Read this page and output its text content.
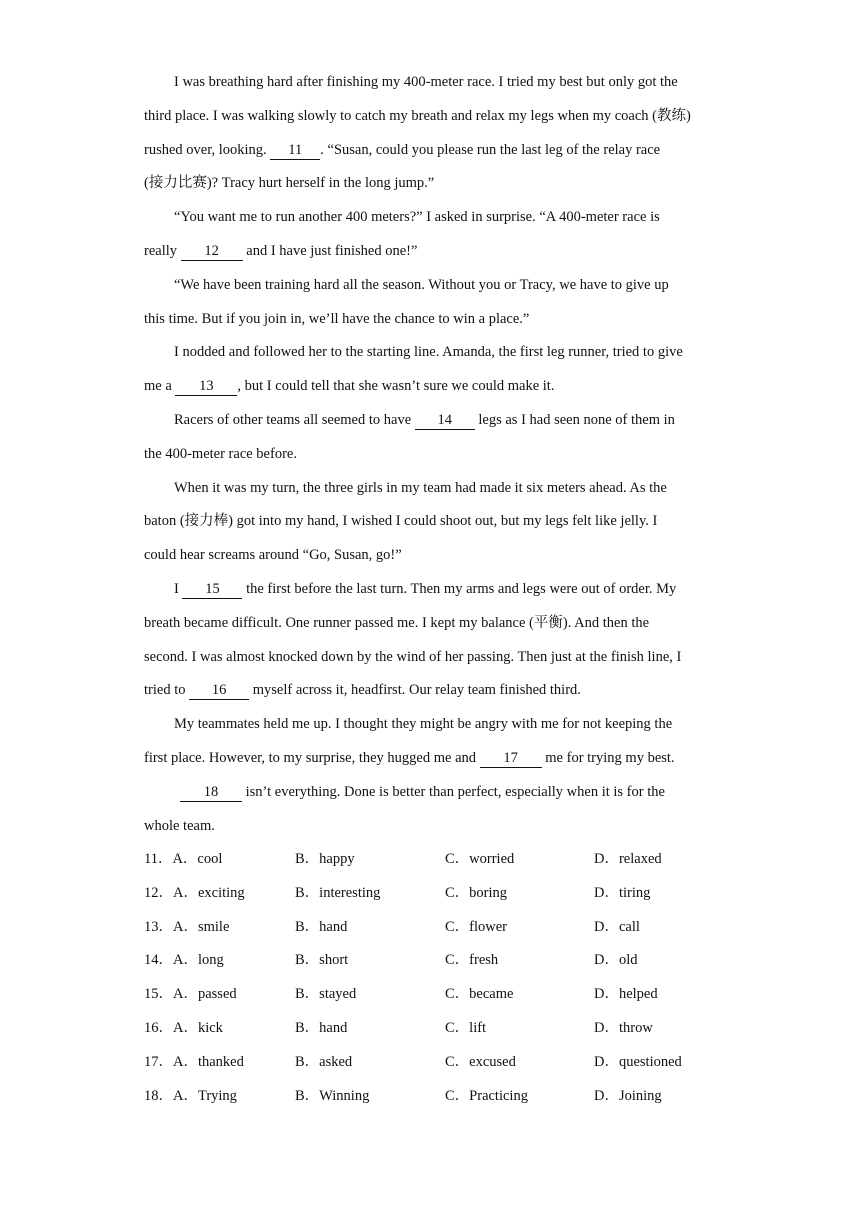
I was breathing hard after finishing my 400-meter race. I tried my best but only got the
third place. I was walking slowly to catch my breath and relax my legs when my coach (教练)
rushed over, looking. 11 . “Susan, could you please run the last leg of the relay race
(接力比赛)? Tracy hurt herself in the long jump.”
“You want me to run another 400 meters?” I asked in surprise. “A 400-meter race is
really 12 and I have just finished one!”
“We have been training hard all the season. Without you or Tracy, we have to give up
this time. But if you join in, we’ll have the chance to win a place.”
I nodded and followed her to the starting line. Amanda, the first leg runner, tried to give
me a 13 , but I could tell that she wasn’t sure we could make it.
Racers of other teams all seemed to have 14 legs as I had seen none of them in
the 400-meter race before.
When it was my turn, the three girls in my team had made it six meters ahead. As the
baton (接力棒) got into my hand, I wished I could shoot out, but my legs felt like jelly. I
could hear screams around “Go, Susan, go!”
I 15 the first before the last turn. Then my arms and legs were out of order. My
breath became difficult. One runner passed me. I kept my balance (平衡). And then the
second. I was almost knocked down by the wind of her passing. Then just at the finish line, I
tried to 16 myself across it, headfirst. Our relay team finished third.
My teammates held me up. I thought they might be angry with me for not keeping the
first place. However, to my surprise, they hugged me and 17 me for trying my best.
18 isn’t everything. Done is better than perfect, especially when it is for the
whole team.
11．A．cool	B．happy	C．worried	D．relaxed
12．A．exciting	B．interesting	C．boring	D．tiring
13．A．smile	B．hand	C．flower	D．call
14．A．long	B．short	C．fresh	D．old
15．A．passed	B．stayed	C．became	D．helped
16．A．kick	B．hand	C．lift	D．throw
17．A．thanked	B．asked	C．excused	D．questioned
18．A．Trying	B．Winning	C．Practicing	D．Joining
